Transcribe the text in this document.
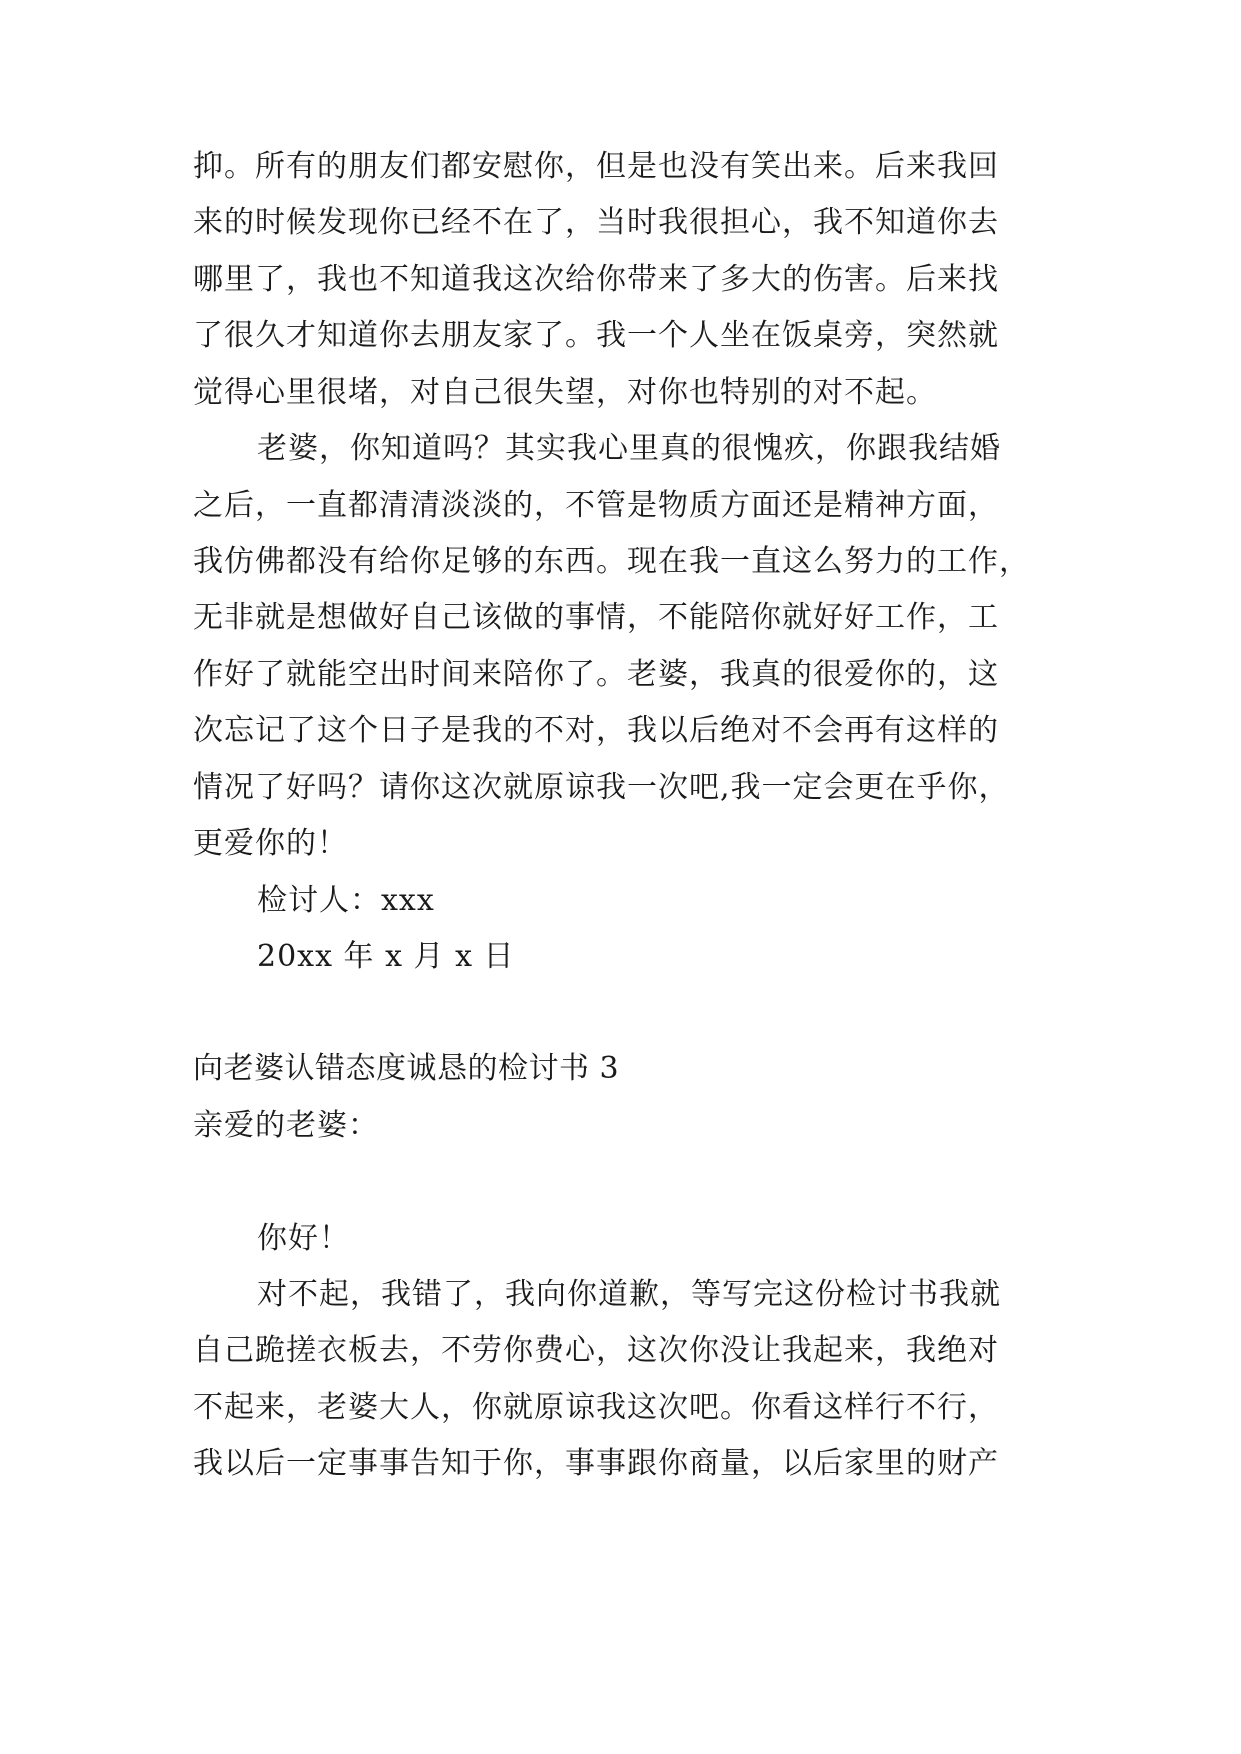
抑。所有的朋友们都安慰你，但是也没有笑出来。后来我回
来的时候发现你已经不在了，当时我很担心，我不知道你去
哪里了，我也不知道我这次给你带来了多大的伤害。后来找
了很久才知道你去朋友家了。我一个人坐在饭桌旁，突然就
觉得心里很堵，对自己很失望，对你也特别的对不起。
老婆，你知道吗？其实我心里真的很愧疚，你跟我结婚
之后，一直都清清淡淡的，不管是物质方面还是精神方面，
我仿佛都没有给你足够的东西。现在我一直这么努力的工作，
无非就是想做好自己该做的事情，不能陪你就好好工作，工
作好了就能空出时间来陪你了。老婆，我真的很爱你的，这
次忘记了这个日子是我的不对，我以后绝对不会再有这样的
情况了好吗？请你这次就原谅我一次吧,我一定会更在乎你，
更爱你的！
检讨人：xxx
20xx 年 x 月 x 日
向老婆认错态度诚恳的检讨书 3
亲爱的老婆：
你好！
对不起，我错了，我向你道歉，等写完这份检讨书我就
自己跪搓衣板去，不劳你费心，这次你没让我起来，我绝对
不起来，老婆大人，你就原谅我这次吧。你看这样行不行，
我以后一定事事告知于你，事事跟你商量，以后家里的财产
